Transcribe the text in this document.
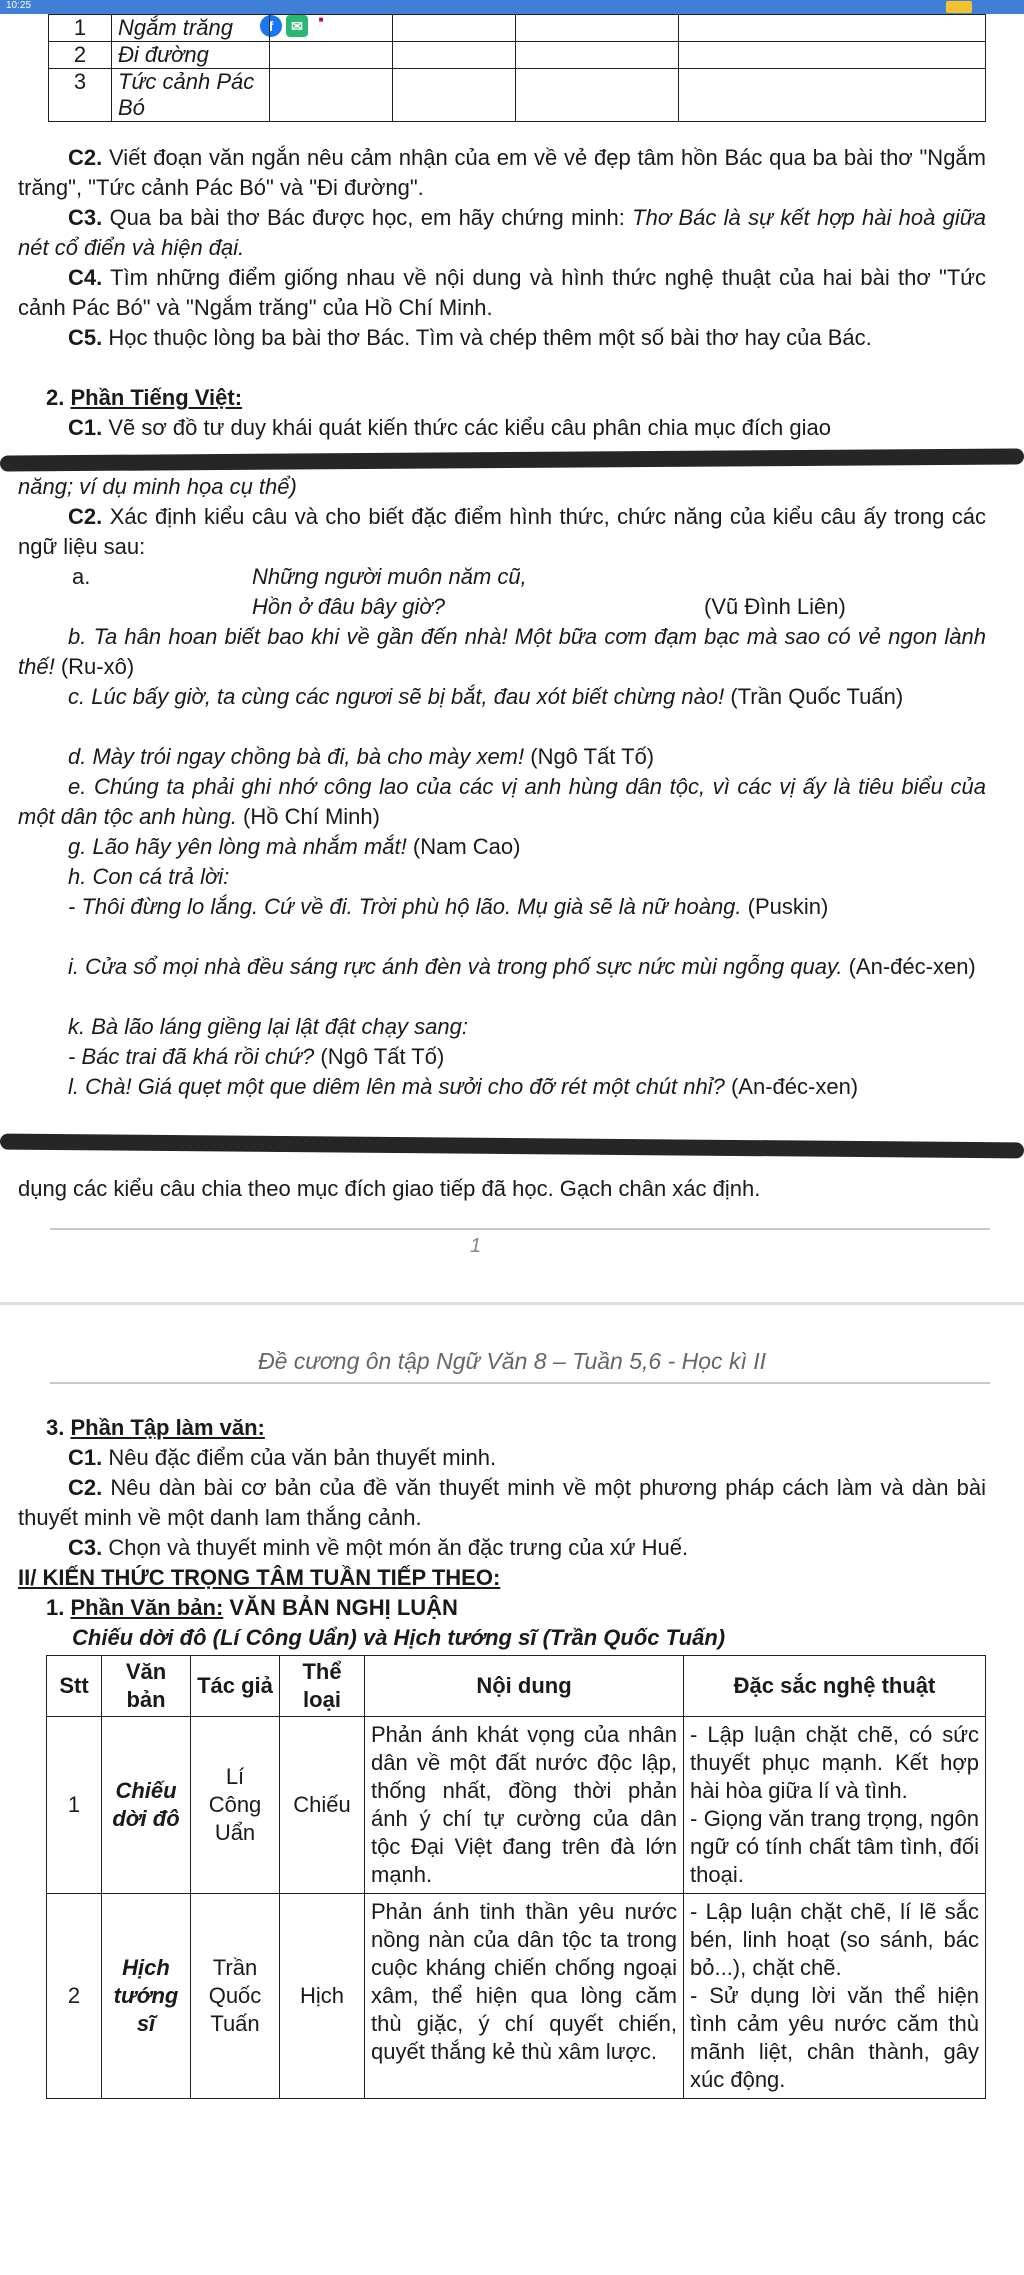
10:25
f	✉	■
1	Ngắm trăng				
2	Đi đường				
3	Tức cảnh Pác Bó				

C2. Viết đoạn văn ngắn nêu cảm nhận của em về vẻ đẹp tâm hồn Bác qua ba bài thơ "Ngắm trăng", "Tức cảnh Pác Bó" và "Đi đường".

C3. Qua ba bài thơ Bác được học, em hãy chứng minh: Thơ Bác là sự kết hợp hài hoà giữa nét cổ điển và hiện đại.

C4. Tìm những điểm giống nhau về nội dung và hình thức nghệ thuật của hai bài thơ "Tức cảnh Pác Bó" và "Ngắm trăng" của Hồ Chí Minh.

C5. Học thuộc lòng ba bài thơ Bác. Tìm và chép thêm một số bài thơ hay của Bác.

2. Phần Tiếng Việt:

C1. Vẽ sơ đồ tư duy khái quát kiến thức các kiểu câu phân chia mục đích giao

năng; ví dụ minh họa cụ thể)

C2. Xác định kiểu câu và cho biết đặc điểm hình thức, chức năng của kiểu câu ấy trong các ngữ liệu sau:

a.	Những người muôn năm cũ,

Hồn ở đâu bây giờ?	(Vũ Đình Liên)

b. Ta hân hoan biết bao khi về gần đến nhà! Một bữa cơm đạm bạc mà sao có vẻ ngon lành thế! (Ru-xô)

c. Lúc bấy giờ, ta cùng các ngươi sẽ bị bắt, đau xót biết chừng nào! (Trần Quốc Tuấn)

d. Mày trói ngay chồng bà đi, bà cho mày xem! (Ngô Tất Tố)

e. Chúng ta phải ghi nhớ công lao của các vị anh hùng dân tộc, vì các vị ấy là tiêu biểu của một dân tộc anh hùng. (Hồ Chí Minh)

g. Lão hãy yên lòng mà nhắm mắt! (Nam Cao)

h. Con cá trả lời:

- Thôi đừng lo lắng. Cứ về đi. Trời phù hộ lão. Mụ già sẽ là nữ hoàng. (Puskin)

i. Cửa sổ mọi nhà đều sáng rực ánh đèn và trong phố sực nức mùi ngỗng quay. (An-đéc-xen)

k. Bà lão láng giềng lại lật đật chạy sang:

- Bác trai đã khá rồi chứ? (Ngô Tất Tố)

l. Chà! Giá quẹt một que diêm lên mà sưởi cho đỡ rét một chút nhỉ? (An-đéc-xen)

dụng các kiểu câu chia theo mục đích giao tiếp đã học. Gạch chân xác định.

1
Đề cương ôn tập Ngữ Văn 8 – Tuần 5,6 - Học kì II

3. Phần Tập làm văn:

C1. Nêu đặc điểm của văn bản thuyết minh.

C2. Nêu dàn bài cơ bản của đề văn thuyết minh về một phương pháp cách làm và dàn bài thuyết minh về một danh lam thắng cảnh.

C3. Chọn và thuyết minh về một món ăn đặc trưng của xứ Huế.

II/ KIẾN THỨC TRỌNG TÂM TUẦN TIẾP THEO:

1. Phần Văn bản: VĂN BẢN NGHỊ LUẬN

Chiếu dời đô (Lí Công Uẩn) và Hịch tướng sĩ (Trần Quốc Tuấn)

Stt	Văn bản	Tác giả	Thể loại	Nội dung	Đặc sắc nghệ thuật
1	Chiếu dời đô	Lí Công Uẩn	Chiếu	Phản ánh khát vọng của nhân dân về một đất nước độc lập, thống nhất, đồng thời phản ánh ý chí tự cường của dân tộc Đại Việt đang trên đà lớn mạnh.	- Lập luận chặt chẽ, có sức thuyết phục mạnh. Kết hợp hài hòa giữa lí và tình.
- Giọng văn trang trọng, ngôn ngữ có tính chất tâm tình, đối thoại.
2	Hịch tướng sĩ	Trần Quốc Tuấn	Hịch	Phản ánh tinh thần yêu nước nồng nàn của dân tộc ta trong cuộc kháng chiến chống ngoại xâm, thể hiện qua lòng căm thù giặc, ý chí quyết chiến, quyết thắng kẻ thù xâm lược.	- Lập luận chặt chẽ, lí lẽ sắc bén, linh hoạt (so sánh, bác bỏ...), chặt chẽ.
- Sử dụng lời văn thể hiện tình cảm yêu nước căm thù mãnh liệt, chân thành, gây xúc động.
